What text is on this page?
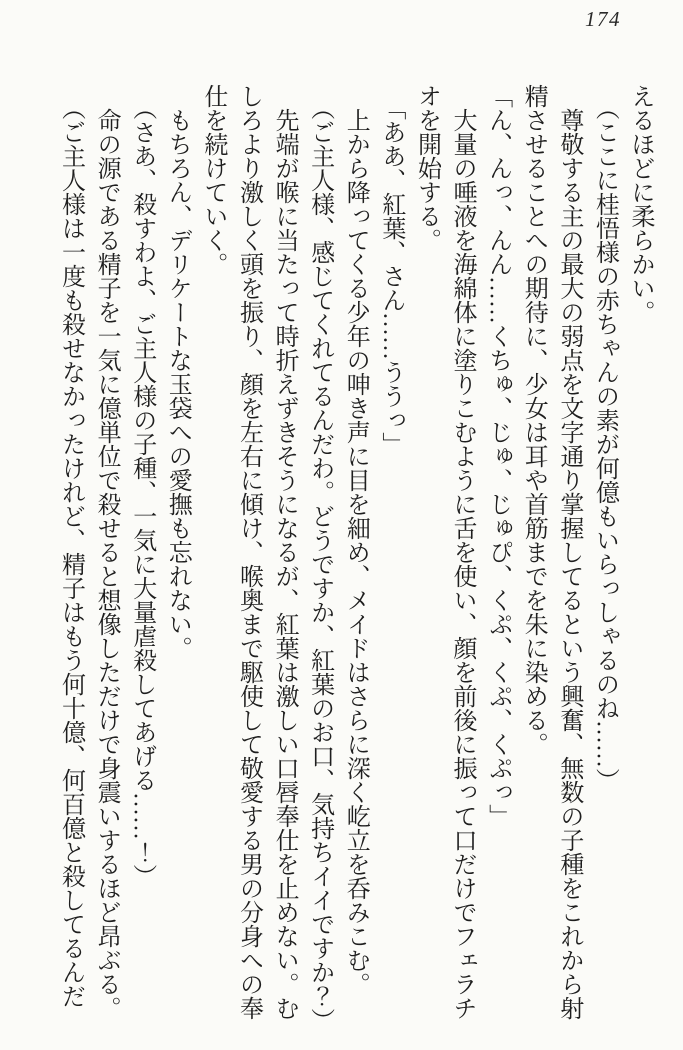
174

えるほどに柔らかい。

（ここに桂悟様の赤ちゃんの素が何億もいらっしゃるのね……）

尊敬する主の最大の弱点を文字通り掌握してるという興奮、無数の子種をこれから射精させることへの期待に、少女は耳や首筋までを朱に染める。

「ん、んっ、んん……くちゅ、じゅ、じゅぴ、くぷ、くぷ、くぷっ」

大量の唾液を海綿体に塗りこむように舌を使い、顔を前後に振って口だけでフェラチオを開始する。

「ああ、紅葉、さん……ううっ」

上から降ってくる少年の呻き声に目を細め、メイドはさらに深く屹立を呑みこむ。

（ご主人様、感じてくれてるんだわ。どうですか、紅葉のお口、気持ちイイですか？）

先端が喉に当たって時折えずきそうになるが、紅葉は激しい口唇奉仕を止めない。むしろより激しく頭を振り、顔を左右に傾け、喉奥まで駆使して敬愛する男の分身への奉仕を続けていく。

もちろん、デリケートな玉袋への愛撫も忘れない。

（さあ、殺すわよ、ご主人様の子種、一気に大量虐殺してあげる……！）

命の源である精子を一気に億単位で殺せると想像しただけで身震いするほど昂ぶる。

（ご主人様は一度も殺せなかったけれど、精子はもう何十億、何百億と殺してるんだ
